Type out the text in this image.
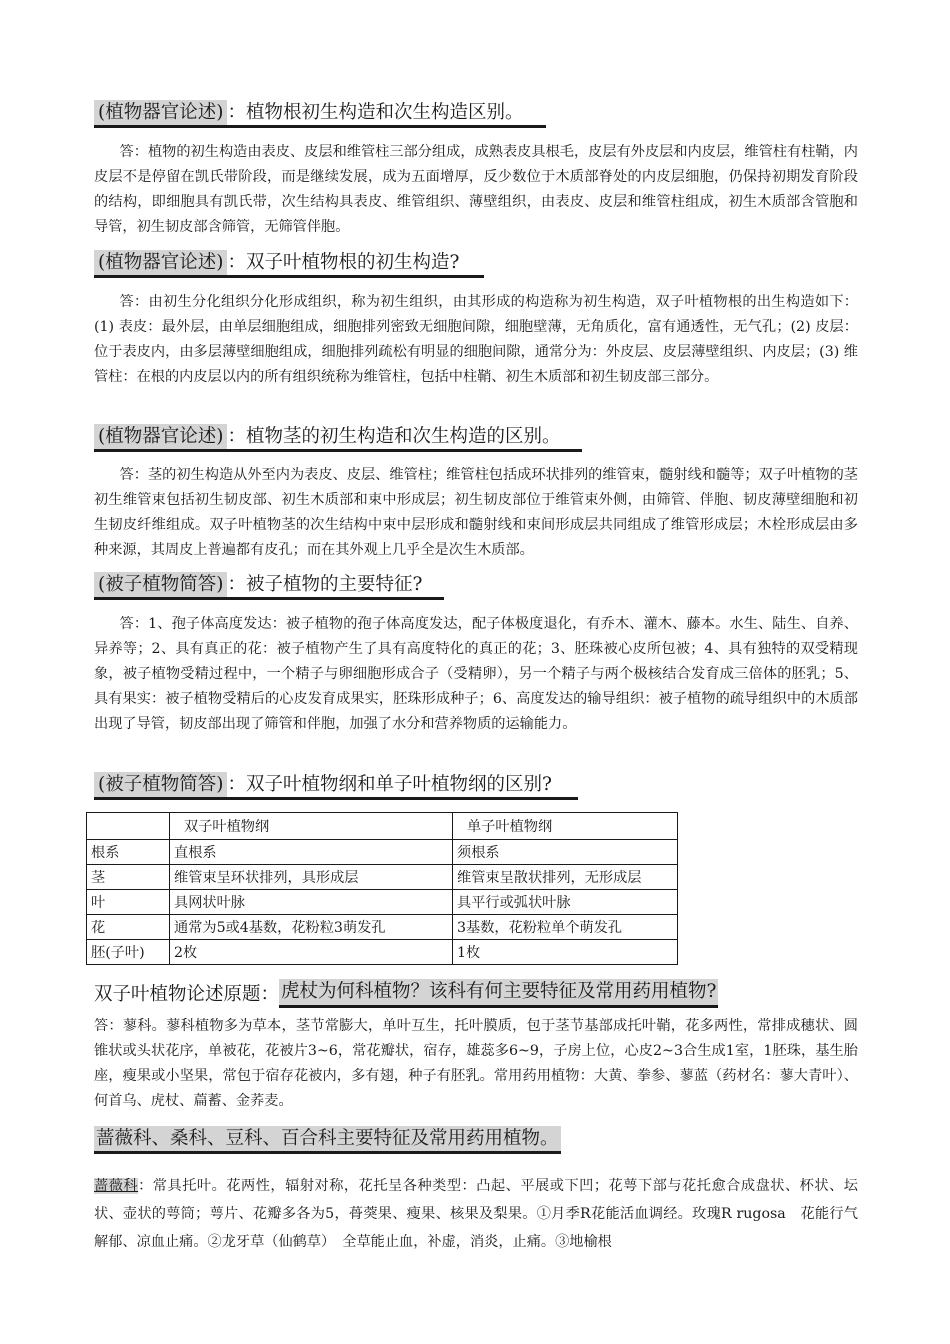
(植物器官论述) ：植物根初生构造和次生构造区别。

答：植物的初生构造由表皮、皮层和维管柱三部分组成，成熟表皮具根毛，皮层有外皮层和内皮层，维管柱有柱鞘，内皮层不是停留在凯氏带阶段，而是继续发展，成为五面增厚，反少数位于木质部脊处的内皮层细胞，仍保持初期发育阶段的结构，即细胞具有凯氏带，次生结构具表皮、维管组织、薄壁组织，由表皮、皮层和维管柱组成，初生木质部含管胞和导管，初生韧皮部含筛管，无筛管伴胞。

(植物器官论述) ：双子叶植物根的初生构造?

答：由初生分化组织分化形成组织，称为初生组织，由其形成的构造称为初生构造，双子叶植物根的出生构造如下：(1) 表皮：最外层，由单层细胞组成，细胞排列密致无细胞间隙，细胞壁薄，无角质化，富有通透性，无气孔；(2) 皮层：位于表皮内，由多层薄壁细胞组成，细胞排列疏松有明显的细胞间隙，通常分为：外皮层、皮层薄壁组织、内皮层；(3) 维管柱：在根的内皮层以内的所有组织统称为维管柱，包括中柱鞘、初生木质部和初生韧皮部三部分。

(植物器官论述) ：植物茎的初生构造和次生构造的区别。

答：茎的初生构造从外至内为表皮、皮层、维管柱；维管柱包括成环状排列的维管束，髓射线和髓等；双子叶植物的茎初生维管束包括初生韧皮部、初生木质部和束中形成层；初生韧皮部位于维管束外侧，由筛管、伴胞、韧皮薄壁细胞和初生韧皮纤维组成。双子叶植物茎的次生结构中束中层形成和髓射线和束间形成层共同组成了维管形成层；木栓形成层由多种来源，其周皮上普遍都有皮孔；而在其外观上几乎全是次生木质部。

(被子植物简答) ：被子植物的主要特征?

答：1、孢子体高度发达：被子植物的孢子体高度发达，配子体极度退化，有乔木、灌木、藤本。水生、陆生、自养、异养等；2、具有真正的花：被子植物产生了具有高度特化的真正的花；3、胚珠被心皮所包被；4、具有独特的双受精现象，被子植物受精过程中，一个精子与卵细胞形成合子（受精卵），另一个精子与两个极核结合发育成三倍体的胚乳；5、具有果实：被子植物受精后的心皮发育成果实，胚珠形成种子；6、高度发达的输导组织：被子植物的疏导组织中的木质部出现了导管，韧皮部出现了筛管和伴胞，加强了水分和营养物质的运输能力。

(被子植物简答) ：双子叶植物纲和单子叶植物纲的区别?
	双子叶植物纲	单子叶植物纲
根系	直根系	须根系
茎	维管束呈环状排列，具形成层	维管束呈散状排列，无形成层
叶	具网状叶脉	具平行或弧状叶脉
花	通常为5或4基数，花粉粒3萌发孔	3基数，花粉粒单个萌发孔
胚(子叶)	2枚	1枚
双子叶植物论述原题： 虎杖为何科植物？该科有何主要特征及常用药用植物?

答：蓼科。蓼科植物多为草本，茎节常膨大，单叶互生，托叶膜质，包于茎节基部成托叶鞘，花多两性，常排成穗状、圆锥状或头状花序，单被花，花被片3~6，常花瓣状，宿存，雄蕊多6~9，子房上位，心皮2~3合生成1室，1胚珠，基生胎座，瘦果或小坚果，常包于宿存花被内，多有翅，种子有胚乳。常用药用植物：大黄、拳参、蓼蓝（药材名：蓼大青叶）、何首乌、虎杖、萹蓄、金荞麦。

蔷薇科、桑科、豆科、百合科主要特征及常用药用植物。

蔷薇科：常具托叶。花两性，辐射对称，花托呈各种类型：凸起、平展或下凹；花萼下部与花托愈合成盘状、杯状、坛状、壶状的萼筒；萼片、花瓣多各为5，蓇葖果、瘦果、核果及梨果。①月季R花能活血调经。玫瑰R rugosa　花能行气解郁、凉血止痛。②龙牙草（仙鹤草）　全草能止血，补虚，消炎，止痛。③地榆根
